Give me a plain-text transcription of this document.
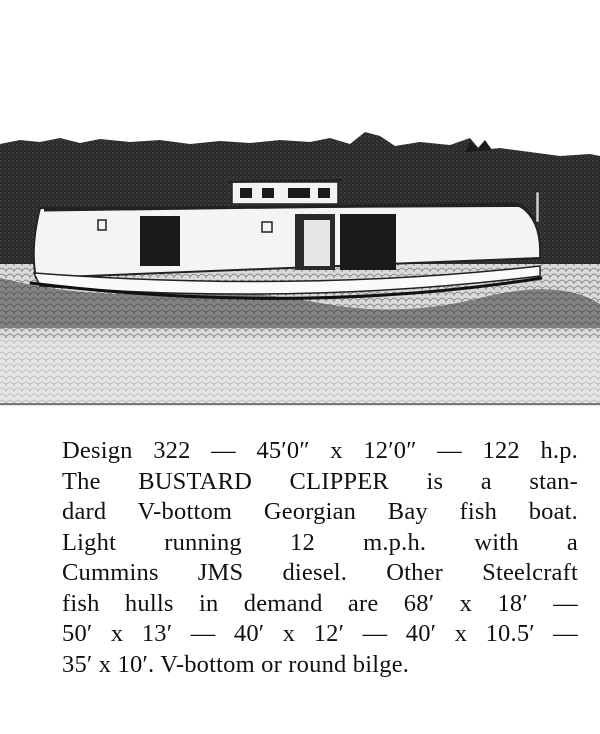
Design 322 — 45′0″ x 12′0″ — 122 h.p.
The BUSTARD CLIPPER is a stan-
dard V-bottom Georgian Bay fish boat.
Light running 12 m.p.h. with a
Cummins JMS diesel. Other Steelcraft
fish hulls in demand are 68′ x 18′ —
50′ x 13′ — 40′ x 12′ — 40′ x 10.5′ —
35′ x 10′. V-bottom or round bilge.
